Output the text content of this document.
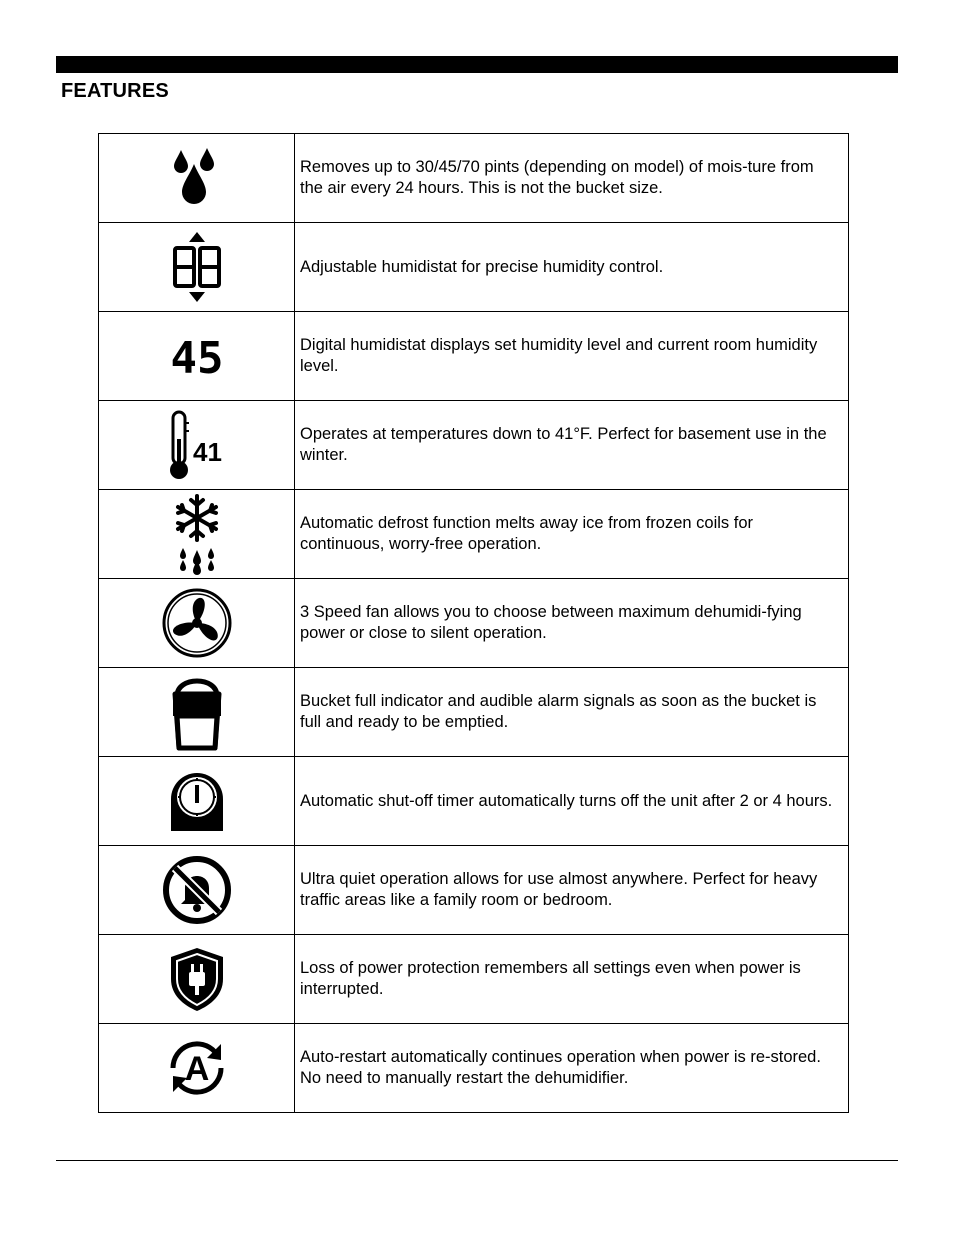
FEATURES
	Removes up to 30/45/70 pints (depending on model) of mois-ture from the air every 24 hours. This is not the bucket size.
	Adjustable humidistat for precise humidity control.

45	Digital humidistat displays set humidity level and current room humidity level.

41	Operates at temperatures down to 41°F. Perfect for basement use in the winter.
	Automatic defrost function melts away ice from frozen coils for continuous, worry-free operation.
	3 Speed fan allows you to choose between maximum dehumidi-fying power or close to silent operation.
	Bucket full indicator and audible alarm signals as soon as the bucket is full and ready to be emptied.
	Automatic shut-off timer automatically turns off the unit after 2 or 4 hours.
	Ultra quiet operation allows for use almost anywhere. Perfect for heavy traffic areas like a family room or bedroom.
	Loss of power protection remembers all settings even when power is interrupted.

A	Auto-restart automatically continues operation when power is re-stored. No need to manually restart the dehumidifier.
